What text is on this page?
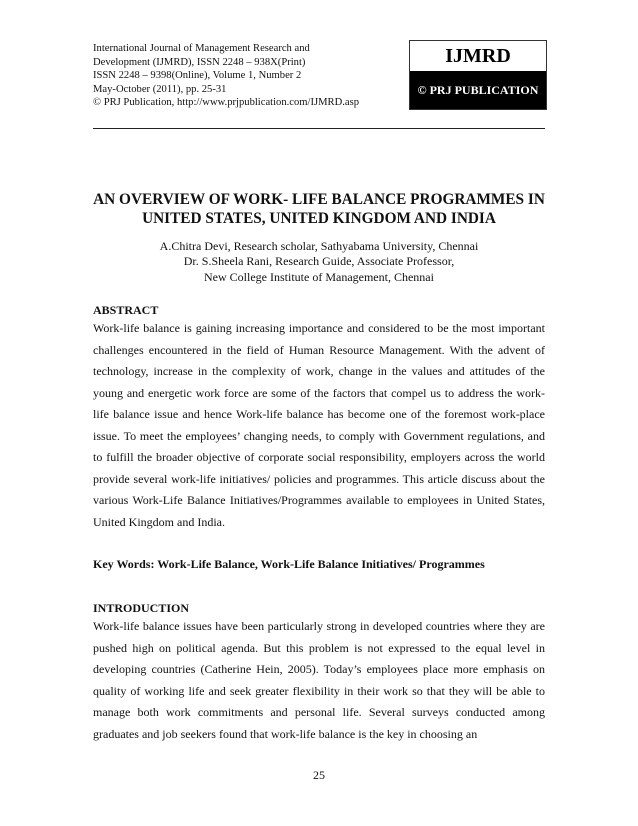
International Journal of Management Research and
Development (IJMRD), ISSN 2248 – 938X(Print)
ISSN 2248 – 9398(Online), Volume 1, Number 2
May-October (2011), pp. 25-31
© PRJ Publication, http://www.prjpublication.com/IJMRD.asp
IJMRD
© PRJ PUBLICATION
AN OVERVIEW OF WORK- LIFE BALANCE PROGRAMMES IN
UNITED STATES, UNITED KINGDOM AND INDIA
A.Chitra Devi, Research scholar, Sathyabama University, Chennai
Dr. S.Sheela Rani, Research Guide, Associate Professor,
New College Institute of Management, Chennai
ABSTRACT

Work-life balance is gaining increasing importance and considered to be the most important challenges encountered in the field of Human Resource Management. With the advent of technology, increase in the complexity of work, change in the values and attitudes of the young and energetic work force are some of the factors that compel us to address the work-life balance issue and hence Work-life balance has become one of the foremost work-place issue. To meet the employees’ changing needs, to comply with Government regulations, and to fulfill the broader objective of corporate social responsibility, employers across the world provide several work-life initiatives/ policies and programmes. This article discuss about the various Work-Life Balance Initiatives/Programmes available to employees in United States, United Kingdom and India.

Key Words: Work-Life Balance, Work-Life Balance Initiatives/ Programmes
INTRODUCTION

Work-life balance issues have been particularly strong in developed countries where they are pushed high on political agenda. But this problem is not expressed to the equal level in developing countries (Catherine Hein, 2005). Today’s employees place more emphasis on quality of working life and seek greater flexibility in their work so that they will be able to manage both work commitments and personal life. Several surveys conducted among graduates and job seekers found that work-life balance is the key in choosing an

25
